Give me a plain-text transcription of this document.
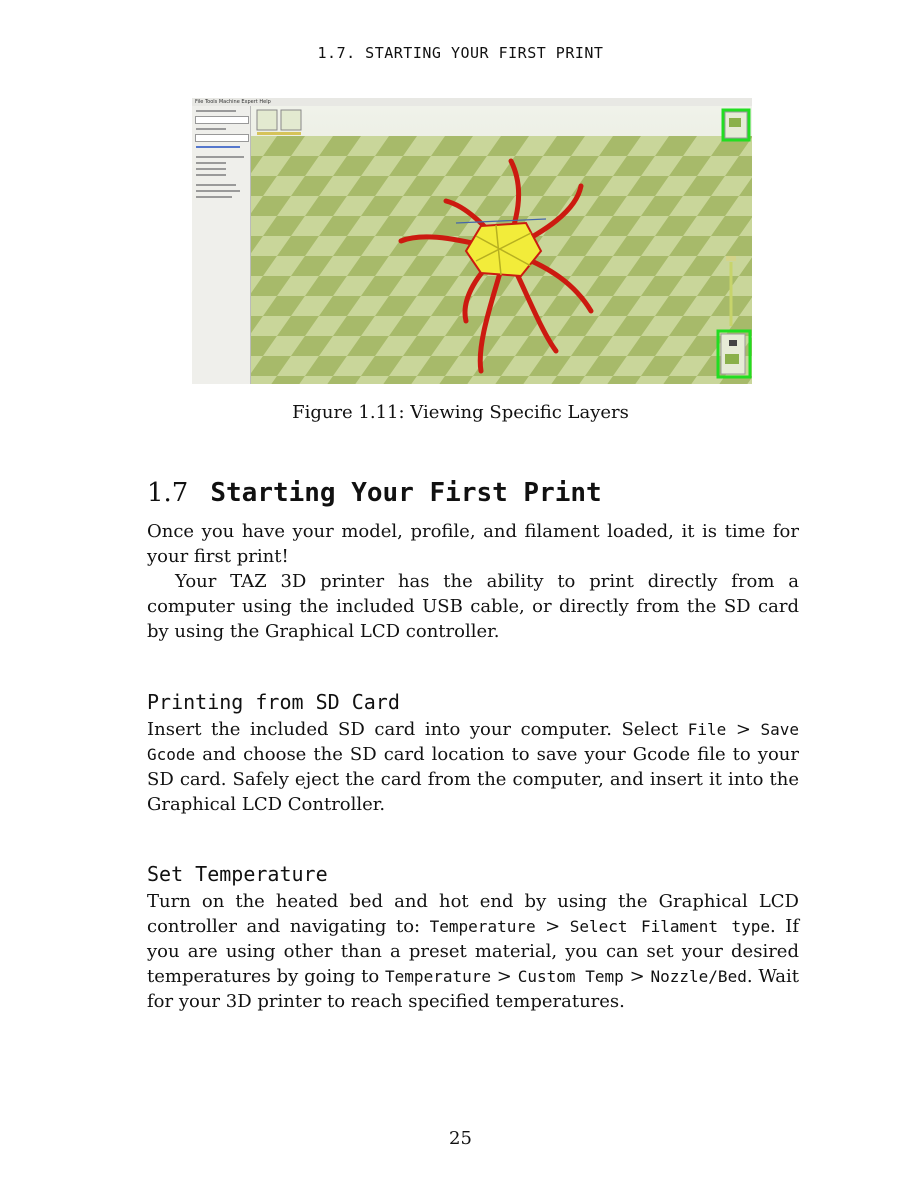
1.7. STARTING YOUR FIRST PRINT
File Tools Machine Expert Help
Figure 1.11: Viewing Specific Layers
1.7 Starting Your First Print

Once you have your model, profile, and filament loaded, it is time for your first print!

Your TAZ 3D printer has the ability to print directly from a computer using the included USB cable, or directly from the SD card by using the Graphical LCD controller.

Printing from SD Card

Insert the included SD card into your computer. Select File > Save Gcode and choose the SD card location to save your Gcode file to your SD card. Safely eject the card from the computer, and insert it into the Graphical LCD Controller.

Set Temperature

Turn on the heated bed and hot end by using the Graphical LCD controller and navigating to: Temperature > Select Filament type. If you are using other than a preset material, you can set your desired temperatures by going to Temperature > Custom Temp > Nozzle/Bed. Wait for your 3D printer to reach specified temperatures.

25
